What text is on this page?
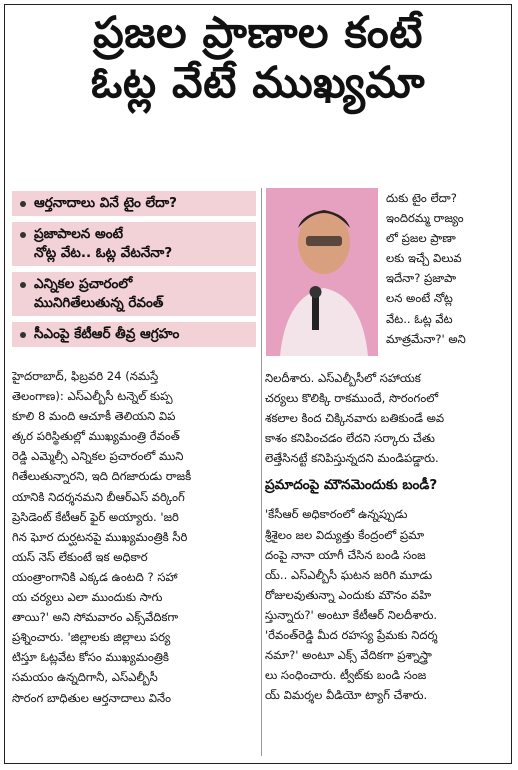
ప్రజల ప్రాణాల కంటే
ఓట్ల వేటే ముఖ్యమా
ఆర్తనాదాలు వినే టైం లేదా?
ప్రజాపాలన అంటే
నోట్ల వేట.. ఓట్ల వేటనేనా?
ఎన్నికల ప్రచారంలో
మునిగితేలుతున్న రేవంత్
సీఎంపై కేటీఆర్ తీవ్ర ఆగ్రహం
దుకు టైం లేదా?
ఇందిరమ్మ రాజ్యం
లో ప్రజల ప్రాణా
లకు ఇచ్చే విలువ
ఇదేనా? ప్రజాపా
లన అంటే నోట్ల
వేట.. ఓట్ల వేట
మాత్రమేనా?' అని
హైదరాబాద్, ఫిబ్రవరి 24 (నమస్తే
తెలంగాణ): ఎస్ఎల్బీసీ టన్నెల్ కుప్ప
కూలి 8 మంది ఆచూకీ తెలియని విప
త్కర పరిస్థితుల్లో ముఖ్యమంత్రి రేవంత్
రెడ్డి ఎమ్మెల్సీ ఎన్నికల ప్రచారంలో ముని
గితేలుతున్నారని, ఇది దిగజారుడు రాజకీ
యానికి నిదర్శనమని బీఆర్ఎస్ వర్కింగ్
ప్రెసిడెంట్ కేటీఆర్ ఫైర్ అయ్యారు. 'జరి
గిన ఘోర దుర్ఘటనపై ముఖ్యమంత్రికి సీరి
యస్ నెస్ లేకుంటే ఇక అధికార
యంత్రాంగానికి ఎక్కడ ఉంటది ? సహా
య చర్యలు ఎలా ముందుకు సాగు
తాయి?' అని సోమవారం ఎక్స్‌వేదికగా
ప్రశ్నించారు. 'జిల్లాలకు జిల్లాలు పర్య
టిస్తూ ఓట్లవేట కోసం ముఖ్యమంత్రికి
సమయం ఉన్నదిగానీ, ఎస్ఎల్బీసీ
సొరంగ బాధితుల ఆర్తనాదాలు వినేం
నిలదీశారు. ఎస్ఎల్బీసీలో సహాయక
చర్యలు కొలిక్కి రాకముందే, సొరంగంలో
శకలాల కింద చిక్కినవారు బతికుండే అవ
కాశం కనిపించడం లేదని సర్కారు చేతు
లెత్తేసినట్టే కనిపిస్తున్నదని మండిపడ్డారు.
ప్రమాదంపై మౌనమెందుకు బండీ?
'కేసీఆర్ అధికారంలో ఉన్నప్పుడు
శ్రీశైలం జల విద్యుత్తు కేంద్రంలో ప్రమా
దంపై నానా యాగీ చేసిన బండి సంజ
య్.. ఎస్ఎల్బీసీ ఘటన జరిగి మూడు
రోజులవుతున్నా ఎందుకు మౌనం వహి
స్తున్నారు?' అంటూ కేటీఆర్ నిలదీశారు.
'రేవంత్‌రెడ్డి మీద రహస్య ప్రేమకు నిదర్శ
నమా?' అంటూ ఎక్స్ వేదికగా ప్రశ్నాస్త్రా
లు సంధించారు. ట్వీట్‌కు బండి సంజ
య్ విమర్శల వీడియో ట్యాగ్ చేశారు.
